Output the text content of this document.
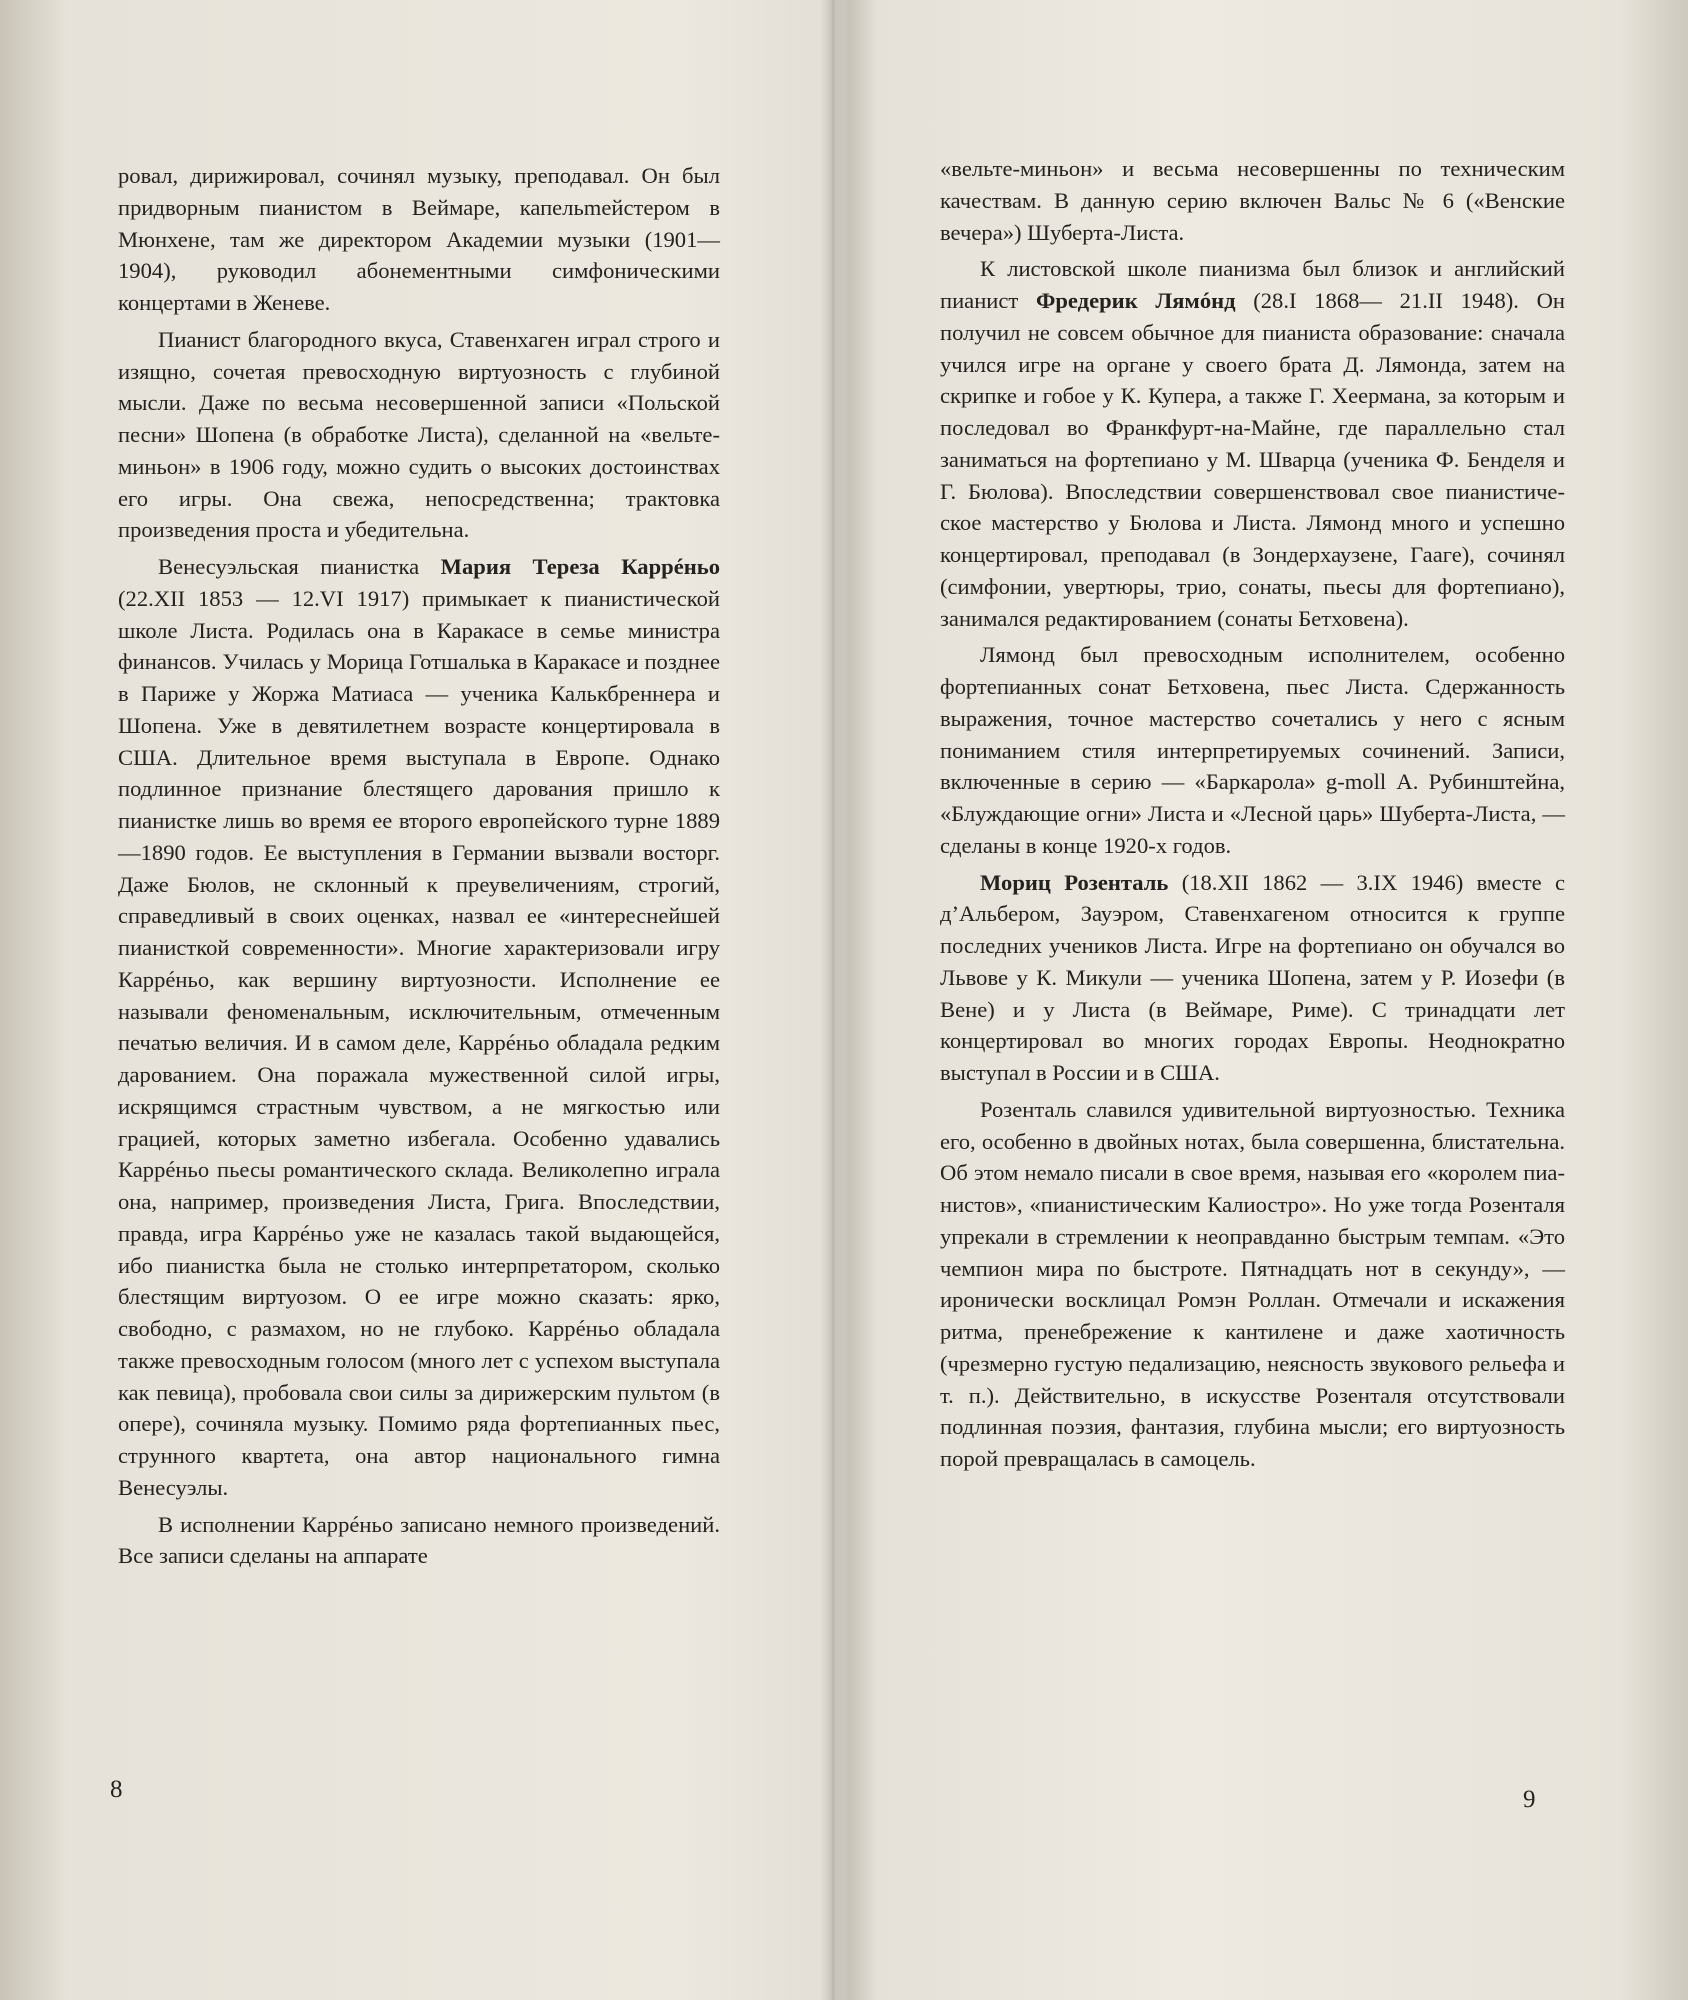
ровал, дирижировал, сочинял музыку, преподавал. Он был придворным пианистом в Веймаре, капельmейстером в Мюнхене, там же директором Академии музыки (1901—1904), руководил абонементными симфоническими концертами в Женеве.

Пианист благородного вкуса, Ставенхаген играл строго и изящно, сочетая превосходную виртуозность с глубиной мысли. Даже по весьма несовершенной записи «Польской песни» Шопена (в обработке Листа), сделанной на «вельте-миньон» в 1906 году, можно судить о высоких достоинствах его игры. Она свежа, непосредственна; трактовка произведения проста и убедительна.

Венесуэльская пианистка Мария Тереза Каррéньо (22.XII 1853 — 12.VI 1917) примыкает к пианистической школе Листа. Родилась она в Каракасе в семье министра финансов. Училась у Морица Готшалька в Каракасе и позднее в Париже у Жоржа Матиаса — ученика Калькбреннера и Шопена. Уже в девятилетнем возрасте концертировала в США. Длительное время выступала в Европе. Однако подлинное признание блестящего дарования пришло к пианистке лишь во время ее второго европейского турне 1889—1890 годов. Ее выступления в Германии вызвали восторг. Даже Бюлов, не склонный к преувеличениям, строгий, справедливый в своих оценках, назвал ее «интереснейшей пианисткой современности». Многие характеризовали игру Каррéньо, как вершину виртуозности. Исполнение ее называли феноменальным, исключительным, отмеченным печатью величия. И в самом деле, Каррéньо обладала редким дарованием. Она поражала мужественной силой игры, искрящимся страстным чувством, а не мягкостью или грацией, которых заметно избегала. Особенно удавались Каррéньо пьесы романтического склада. Великолепно играла она, например, произведения Листа, Грига. Впоследствии, правда, игра Каррéньо уже не казалась такой выдающейся, ибо пианистка была не столько интерпретатором, сколько блестящим виртуозом. О ее игре можно сказать: ярко, свободно, с размахом, но не глубоко. Каррéньо обладала также превосходным голосом (много лет с успехом выступала как певица), пробовала свои силы за дирижерским пультом (в опере), сочиняла музыку. Помимо ряда фортепианных пьес, струнного квартета, она автор национального гимна Венесуэлы.

В исполнении Каррéньо записано немного произведений. Все записи сделаны на аппарате

8

«вельте-миньон» и весьма несовершенны по техническим качествам. В данную серию включен Вальс № 6 («Венские вечера») Шуберта-Листа.

К листовской школе пианизма был близок и английский пианист Фредерик Лямóнд (28.I 1868— 21.II 1948). Он получил не совсем обычное для пианиста образование: сначала учился игре на органе у своего брата Д. Лямонда, затем на скрипке и гобое у К. Купера, а также Г. Хеермана, за которым и последовал во Франкфурт-на-Майне, где параллельно стал заниматься на фортепиано у М. Шварца (ученика Ф. Бенделя и Г. Бюлова). Впоследствии совершенствовал свое пианистическое мастерство у Бюлова и Листа. Лямонд много и успешно концертировал, преподавал (в Зондерхаузене, Гааге), сочинял (симфонии, увертюры, трио, сонаты, пьесы для фортепиано), занимался редактированием (сонаты Бетховена).

Лямонд был превосходным исполнителем, особенно фортепианных сонат Бетховена, пьес Листа. Сдержанность выражения, точное мастерство сочетались у него с ясным пониманием стиля интерпретируемых сочинений. Записи, включенные в серию — «Баркарола» g-moll А. Рубинштейна, «Блуждающие огни» Листа и «Лесной царь» Шуберта-Листа, — сделаны в конце 1920-х годов.

Мориц Розенталь (18.XII 1862 — 3.IX 1946) вместе с д’Альбером, Зауэром, Ставенхагеном относится к группе последних учеников Листа. Игре на фортепиано он обучался во Львове у К. Микули — ученика Шопена, затем у Р. Иозефи (в Вене) и у Листа (в Веймаре, Риме). С тринадцати лет концертировал во многих городах Европы. Неоднократно выступал в России и в США.

Розенталь славился удивительной виртуозностью. Техника его, особенно в двойных нотах, была совершенна, блистательна. Об этом немало писали в свое время, называя его «королем пианистов», «пианистическим Калиостро». Но уже тогда Розенталя упрекали в стремлении к неоправданно быстрым темпам. «Это чемпион мира по быстроте. Пятнадцать нот в секунду», — иронически восклицал Ромэн Роллан. Отмечали и искажения ритма, пренебрежение к кантилене и даже хаотичность (чрезмерно густую педализацию, неясность звукового рельефа и т. п.). Действительно, в искусстве Розенталя отсутствовали подлинная поэзия, фантазия, глубина мысли; его виртуозность порой превращалась в самоцель.

9
